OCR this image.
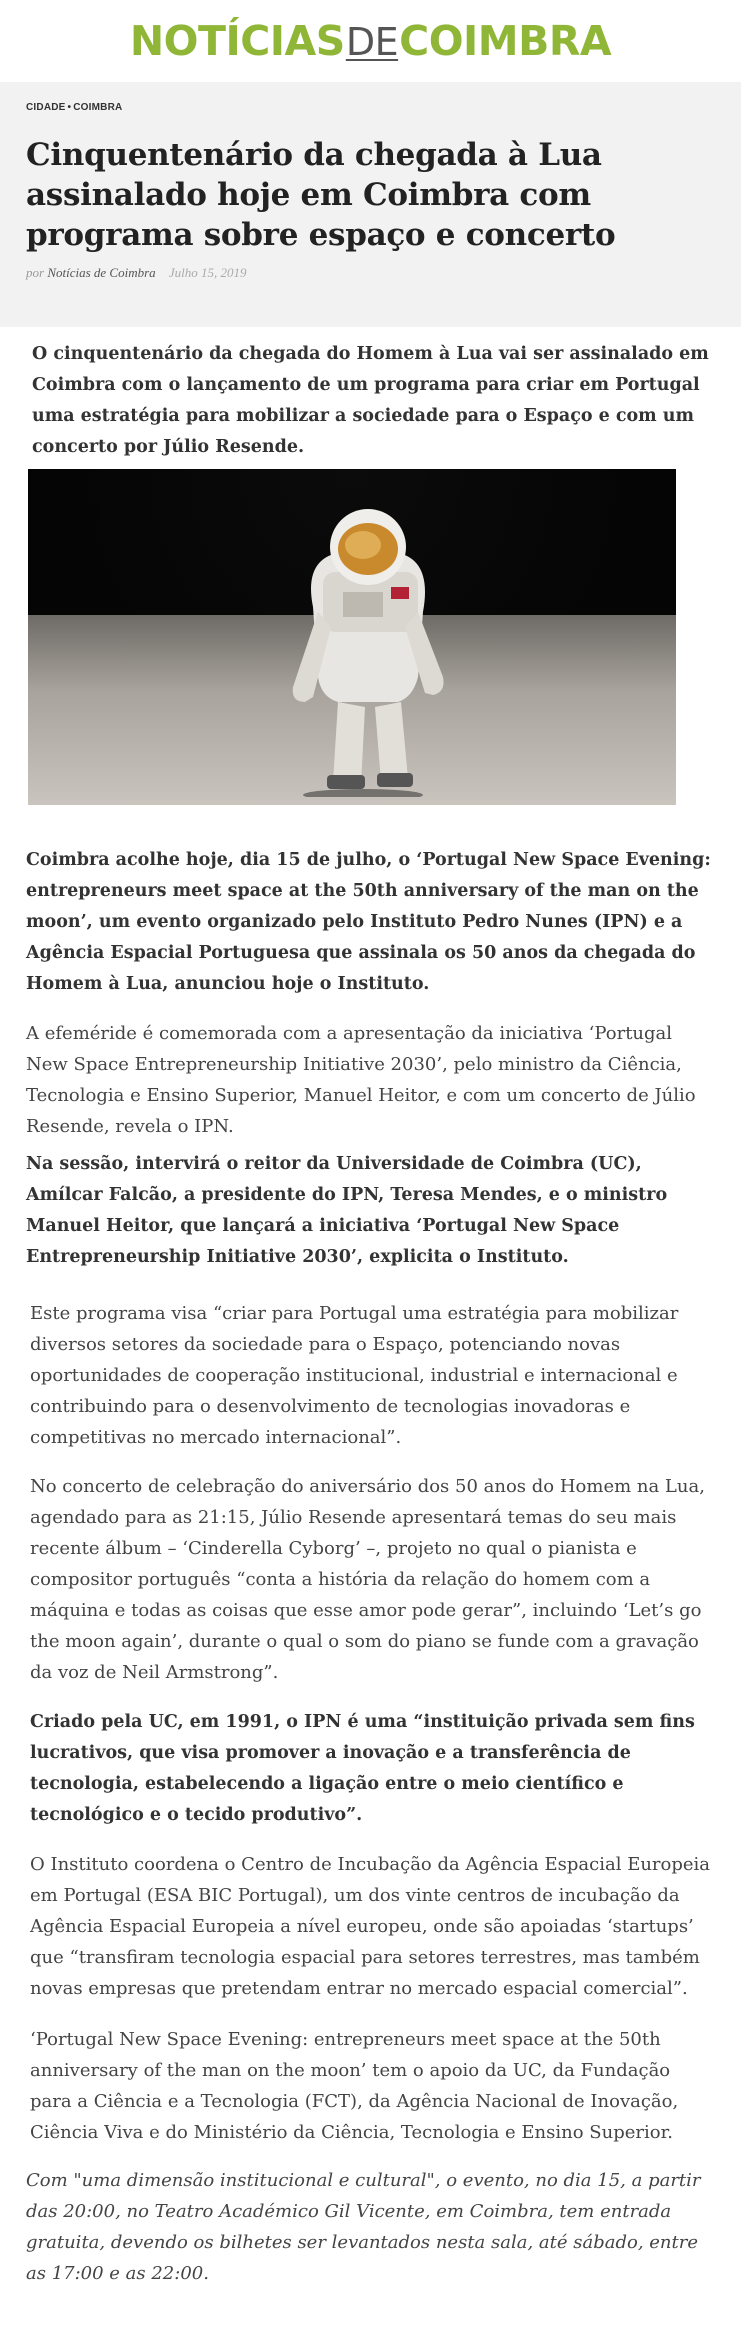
NOTÍCIAS DE COIMBRA
CIDADE • COIMBRA
Cinquentenário da chegada à Lua assinalado hoje em Coimbra com programa sobre espaço e concerto
por Notícias de Coimbra Julho 15, 2019

O cinquentenário da chegada do Homem à Lua vai ser assinalado em Coimbra com o lançamento de um programa para criar em Portugal uma estratégia para mobilizar a sociedade para o Espaço e com um concerto por Júlio Resende.

Coimbra acolhe hoje, dia 15 de julho, o ‘Portugal New Space Evening: entrepreneurs meet space at the 50th anniversary of the man on the moon’, um evento organizado pelo Instituto Pedro Nunes (IPN) e a Agência Espacial Portuguesa que assinala os 50 anos da chegada do Homem à Lua, anunciou hoje o Instituto.

A efeméride é comemorada com a apresentação da iniciativa ‘Portugal New Space Entrepreneurship Initiative 2030’, pelo ministro da Ciência, Tecnologia e Ensino Superior, Manuel Heitor, e com um concerto de Júlio Resende, revela o IPN.

Na sessão, intervirá o reitor da Universidade de Coimbra (UC), Amílcar Falcão, a presidente do IPN, Teresa Mendes, e o ministro Manuel Heitor, que lançará a iniciativa ‘Portugal New Space Entrepreneurship Initiative 2030’, explicita o Instituto.

Este programa visa “criar para Portugal uma estratégia para mobilizar diversos setores da sociedade para o Espaço, potenciando novas oportunidades de cooperação institucional, industrial e internacional e contribuindo para o desenvolvimento de tecnologias inovadoras e competitivas no mercado internacional”.

No concerto de celebração do aniversário dos 50 anos do Homem na Lua, agendado para as 21:15, Júlio Resende apresentará temas do seu mais recente álbum – ‘Cinderella Cyborg’ –, projeto no qual o pianista e compositor português “conta a história da relação do homem com a máquina e todas as coisas que esse amor pode gerar”, incluindo ‘Let’s go the moon again’, durante o qual o som do piano se funde com a gravação da voz de Neil Armstrong”.

Criado pela UC, em 1991, o IPN é uma “instituição privada sem fins lucrativos, que visa promover a inovação e a transferência de tecnologia, estabelecendo a ligação entre o meio científico e tecnológico e o tecido produtivo”.

O Instituto coordena o Centro de Incubação da Agência Espacial Europeia em Portugal (ESA BIC Portugal), um dos vinte centros de incubação da Agência Espacial Europeia a nível europeu, onde são apoiadas ‘startups’ que “transfiram tecnologia espacial para setores terrestres, mas também novas empresas que pretendam entrar no mercado espacial comercial”.

‘Portugal New Space Evening: entrepreneurs meet space at the 50th anniversary of the man on the moon’ tem o apoio da UC, da Fundação para a Ciência e a Tecnologia (FCT), da Agência Nacional de Inovação, Ciência Viva e do Ministério da Ciência, Tecnologia e Ensino Superior.

Com "uma dimensão institucional e cultural", o evento, no dia 15, a partir das 20:00, no Teatro Académico Gil Vicente, em Coimbra, tem entrada gratuita, devendo os bilhetes ser levantados nesta sala, até sábado, entre as 17:00 e as 22:00.
